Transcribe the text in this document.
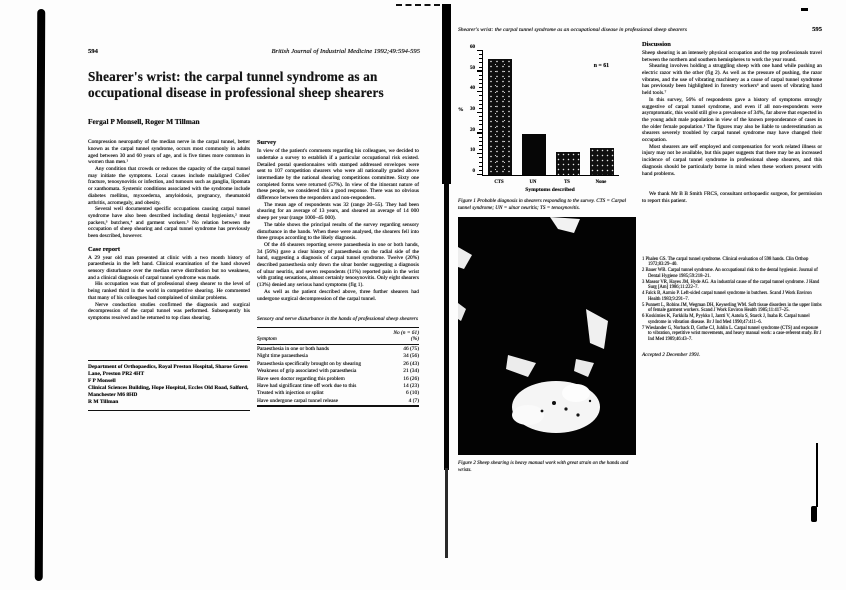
594	British Journal of Industrial Medicine 1992;49:594-595
Shearer's wrist: the carpal tunnel syndrome as an occupational disease in professional sheep shearers
Fergal P Monsell, Roger M Tillman

Compression neuropathy of the median nerve in the carpal tunnel, better known as the carpal tunnel syndrome, occurs most commonly in adults aged between 30 and 60 years of age, and is five times more common in women than men.¹

Any condition that crowds or reduces the capacity of the carpal tunnel may initiate the symptoms. Local causes include malaligned Colles' fracture, tenosynovitis or infection, and tumours such as ganglia, lipomata or xanthomata. Systemic conditions associated with the syndrome include diabetes mellitus, myxoedema, amyloidosis, pregnancy, rheumatoid arthritis, acromegaly, and obesity.

Several well documented specific occupations causing carpal tunnel syndrome have also been described including dental hygienists,² meat packers,³ butchers,⁴ and garment workers.⁵ No relation between the occupation of sheep shearing and carpal tunnel syndrome has previously been described, however.

Case report

A 29 year old man presented at clinic with a two month history of paraesthesia in the left hand. Clinical examination of the hand showed sensory disturbance over the median nerve distribution but no weakness, and a clinical diagnosis of carpal tunnel syndrome was made.

His occupation was that of professional sheep shearer to the level of being ranked third in the world in competitive shearing. He commented that many of his colleagues had complained of similar problems.

Nerve conduction studies confirmed the diagnosis and surgical decompression of the carpal tunnel was performed. Subsequently his symptoms resolved and he returned to top class shearing.

Department of Orthopaedics, Royal Preston Hospital, Sharoe Green Lane, Preston PR2 4HT
F P Monsell
Clinical Sciences Building, Hope Hospital, Eccles Old Road, Salford, Manchester M6 8HD
R M Tillman
Survey

In view of the patient's comments regarding his colleagues, we decided to undertake a survey to establish if a particular occupational risk existed. Detailed postal questionnaires with stamped addressed envelopes were sent to 107 competition shearers who were all nationally graded above intermediate by the national shearing competitions committee. Sixty one completed forms were returned (57%). In view of the itinerant nature of these people, we considered this a good response. There was no obvious difference between the responders and non-responders.

The mean age of respondents was 32 (range 20–55). They had been shearing for an average of 13 years, and sheared an average of 14 000 sheep per year (range 1000–45 000).

The table shows the principal results of the survey regarding sensory disturbance in the hands. When these were analysed, the shearers fell into three groups according to the likely diagnosis.

Of the 46 shearers reporting severe paraesthesia in one or both hands, 34 (56%) gave a clear history of paraesthesia on the radial side of the hand, suggesting a diagnosis of carpal tunnel syndrome. Twelve (20%) described paraesthesia only down the ulnar border suggesting a diagnosis of ulnar neuritis, and seven respondents (11%) reported pain in the wrist with grating sensations, almost certainly tenosynovitis. Only eight shearers (13%) denied any serious hand symptoms (fig 1).

As well as the patient described above, three further shearers had undergone surgical decompression of the carpal tunnel.

Sensory and nerve disturbance in the hands of professional sheep shearers
Symptom	No (n = 61)
(%)
Paraesthesia in one or both hands	46 (75)
Night time paraesthesia	34 (56)
Paraesthesia specifically brought on by shearing	26 (43)
Weakness of grip associated with paraesthesia	21 (34)
Have seen doctor regarding this problem	16 (26)
Have had significant time off work due to this	14 (23)
Treated with injection or splint	6 (10)
Have undergone carpal tunnel release	4 (7)
Shearer's wrist: the carpal tunnel syndrome as an occupational disease in professional sheep shearers	595
0
10
20
30
40
50
60
%
n = 61
CTS	UN	TS	None
Symptoms described
Figure 1 Probable diagnosis in shearers responding to the survey. CTS = Carpal tunnel syndrome; UN = ulnar neuritis; TS = tenosynovitis.
Figure 2 Sheep shearing is heavy manual work with great strain on the hands and wrists.
Discussion

Sheep shearing is an intensely physical occupation and the top professionals travel between the northern and southern hemispheres to work the year round.

Shearing involves holding a struggling sheep with one hand while pushing an electric razor with the other (fig 2). As well as the pressure of pushing, the razor vibrates, and the use of vibrating machinery as a cause of carpal tunnel syndrome has previously been highlighted in forestry workers⁶ and users of vibrating hand held tools.⁷

In this survey, 56% of respondents gave a history of symptoms strongly suggestive of carpal tunnel syndrome, and even if all non-respondents were asymptomatic, this would still give a prevalence of 34%, far above that expected in the young adult male population in view of the known preponderance of cases in the older female population.¹ The figures may also be liable to underestimation as shearers severely troubled by carpal tunnel syndrome may have changed their occupation.

Most shearers are self employed and compensation for work related illness or injury may not be available, but this paper suggests that there may be an increased incidence of carpal tunnel syndrome in professional sheep shearers, and this diagnosis should be particularly borne in mind when these workers present with hand problems.

We thank Mr B B Smith FRCS, consultant orthopaedic surgeon, for permission to report this patient.

1 Phalen GS. The carpal tunnel syndrome. Clinical evaluation of 598 hands. Clin Orthop 1972;83:29–40.
2 Bauer WB. Carpal tunnel syndrome. An occupational risk to the dental hygienist. Journal of Dental Hygiene 1985;59:218–21.
3 Masear VR, Hayes JM, Hyde AG. An industrial cause of the carpal tunnel syndrome. J Hand Surg [Am] 1986;11:222–7.
4 Falck B, Aarnio P. Left-sided carpal tunnel syndrome in butchers. Scand J Work Environ Health 1983;9:291–7.
5 Punnett L, Robins JM, Wegman DH, Keyserling WM. Soft tissue disorders in the upper limbs of female garment workers. Scand J Work Environ Health 1985;11:417–25.
6 Koskimies K, Farkkila M, Pyykko I, Jantti V, Aatola S, Starck J, Inaba R. Carpal tunnel syndrome in vibration disease. Br J Ind Med 1990;47:411–6.
7 Wieslander G, Norback D, Gothe CJ, Juhlin L. Carpal tunnel syndrome (CTS) and exposure to vibration, repetitive wrist movements, and heavy manual work: a case-referent study. Br J Ind Med 1989;46:43–7.
Accepted 2 December 1991.
